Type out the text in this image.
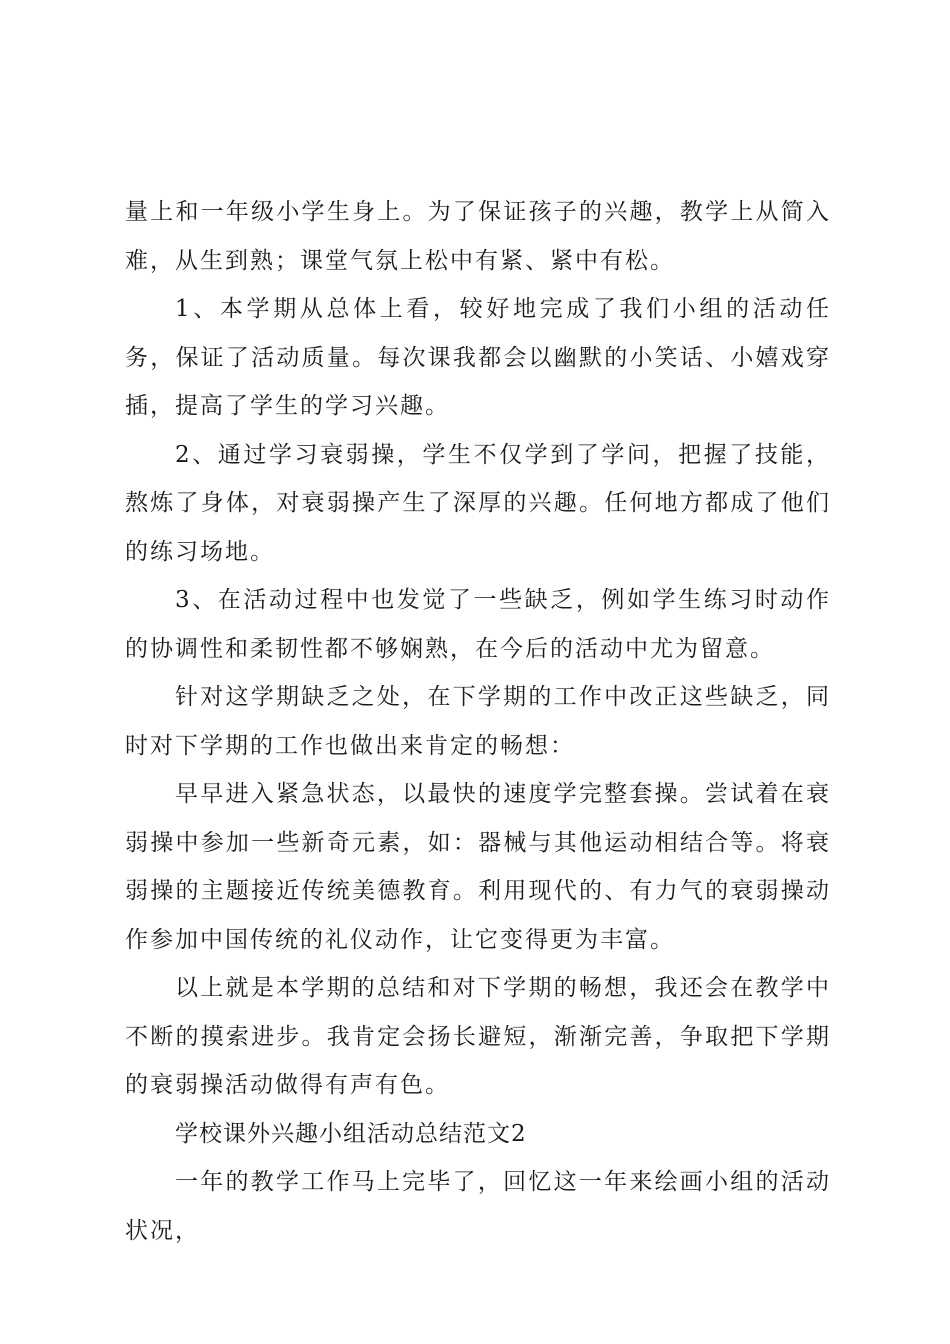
量上和一年级小学生身上。为了保证孩子的兴趣，教学上从简入难，从生到熟；课堂气氛上松中有紧、紧中有松。

1、本学期从总体上看，较好地完成了我们小组的活动任务，保证了活动质量。每次课我都会以幽默的小笑话、小嬉戏穿插，提高了学生的学习兴趣。

2、通过学习衰弱操，学生不仅学到了学问，把握了技能，熬炼了身体，对衰弱操产生了深厚的兴趣。任何地方都成了他们的练习场地。

3、在活动过程中也发觉了一些缺乏，例如学生练习时动作的协调性和柔韧性都不够娴熟，在今后的活动中尤为留意。

针对这学期缺乏之处，在下学期的工作中改正这些缺乏，同时对下学期的工作也做出来肯定的畅想：

早早进入紧急状态，以最快的速度学完整套操。尝试着在衰弱操中参加一些新奇元素，如：器械与其他运动相结合等。将衰弱操的主题接近传统美德教育。利用现代的、有力气的衰弱操动作参加中国传统的礼仪动作，让它变得更为丰富。

以上就是本学期的总结和对下学期的畅想，我还会在教学中不断的摸索进步。我肯定会扬长避短，渐渐完善，争取把下学期的衰弱操活动做得有声有色。

学校课外兴趣小组活动总结范文2

一年的教学工作马上完毕了，回忆这一年来绘画小组的活动状况，
